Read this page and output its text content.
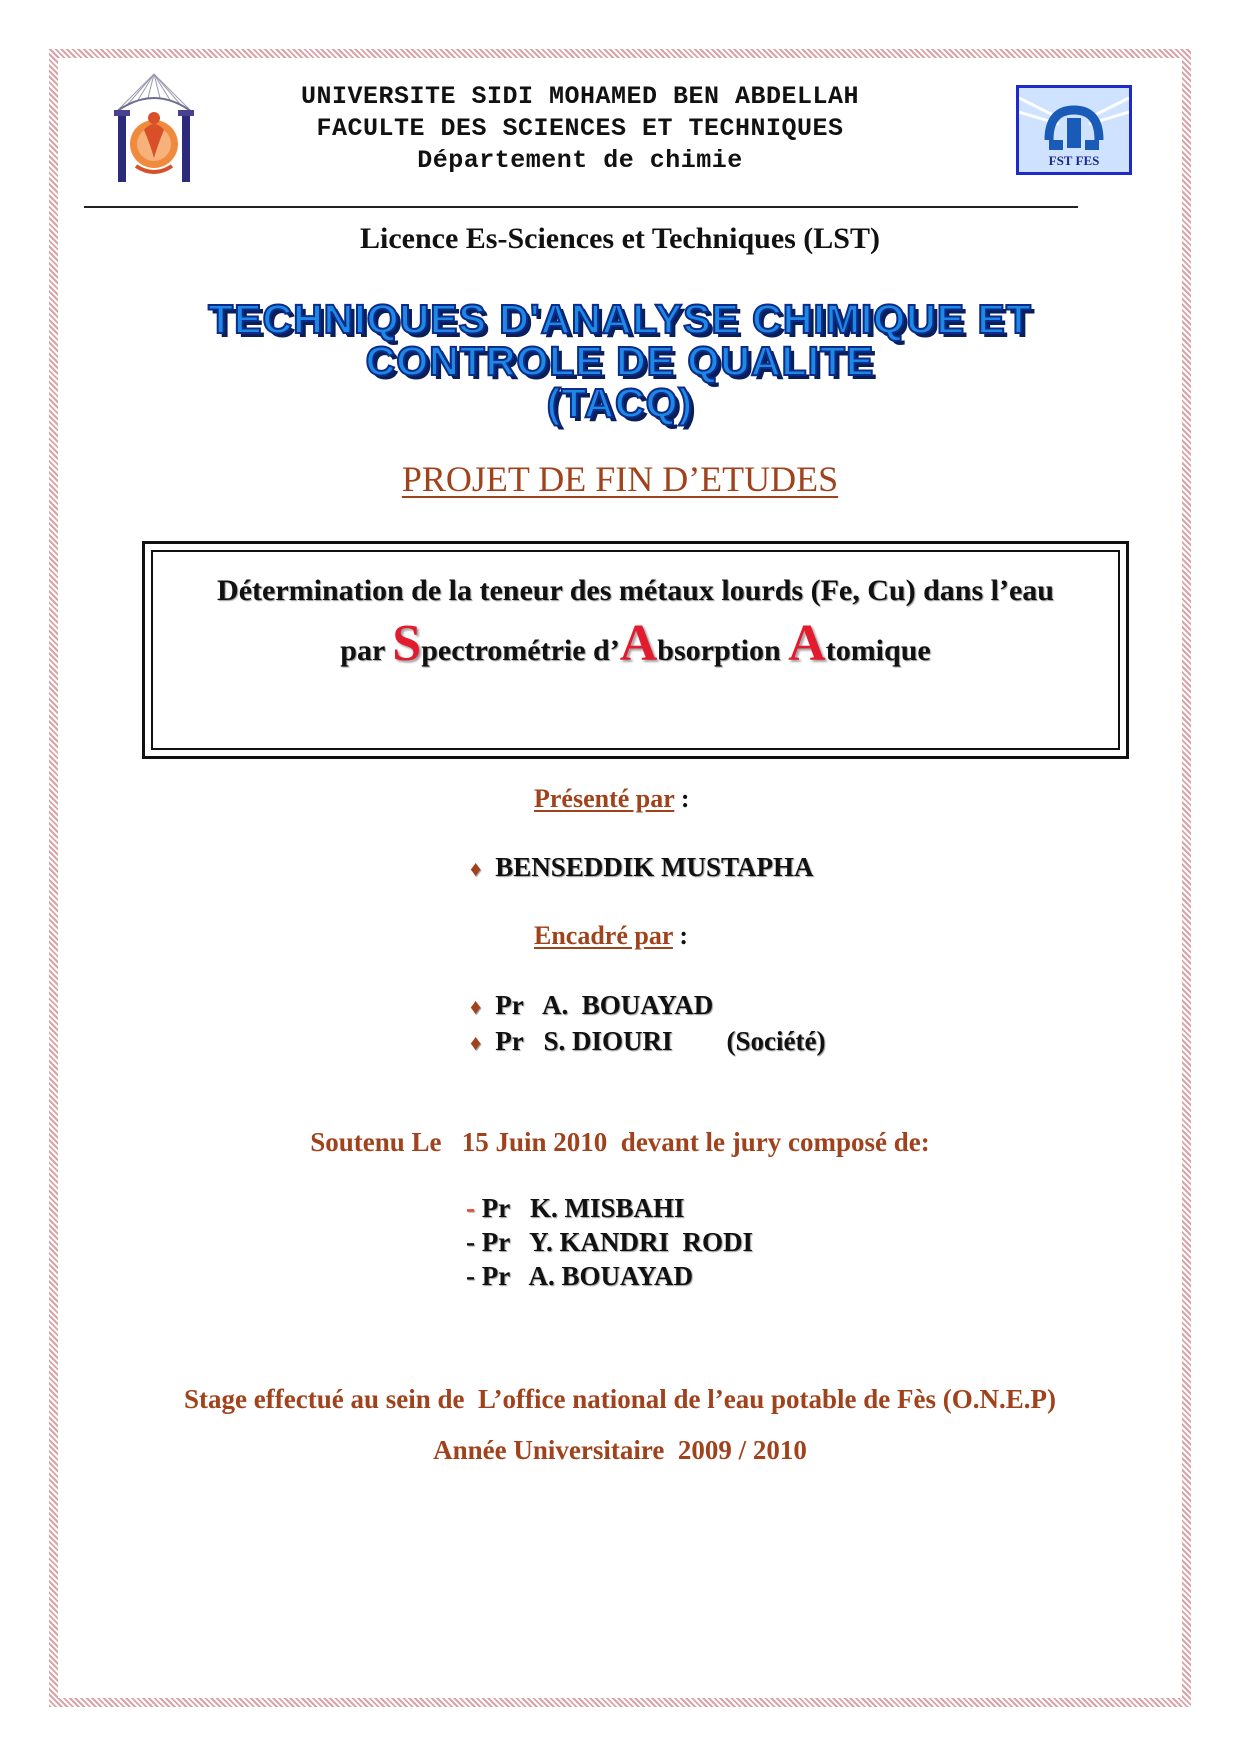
UNIVERSITE SIDI MOHAMED BEN ABDELLAH
FACULTE DES SCIENCES ET TECHNIQUES
Département de chimie	FST FES
Licence Es-Sciences et Techniques (LST)
TECHNIQUES D'ANALYSE CHIMIQUE ET
CONTROLE DE QUALITE
(TACQ)
PROJET DE FIN D’ETUDES
Détermination de la teneur des métaux lourds (Fe, Cu) dans l’eau
par Spectrométrie d’Absorption Atomique
Présenté par :
♦ BENSEDDIK MUSTAPHA
Encadré par :
♦ Pr   A.  BOUAYAD
♦ Pr   S. DIOURI        (Société)
Soutenu Le   15 Juin 2010  devant le jury composé de:
- Pr   K. MISBAHI
- Pr   Y. KANDRI  RODI
- Pr   A. BOUAYAD
Stage effectué au sein de  L’office national de l’eau potable de Fès (O.N.E.P)
Année Universitaire  2009 / 2010
